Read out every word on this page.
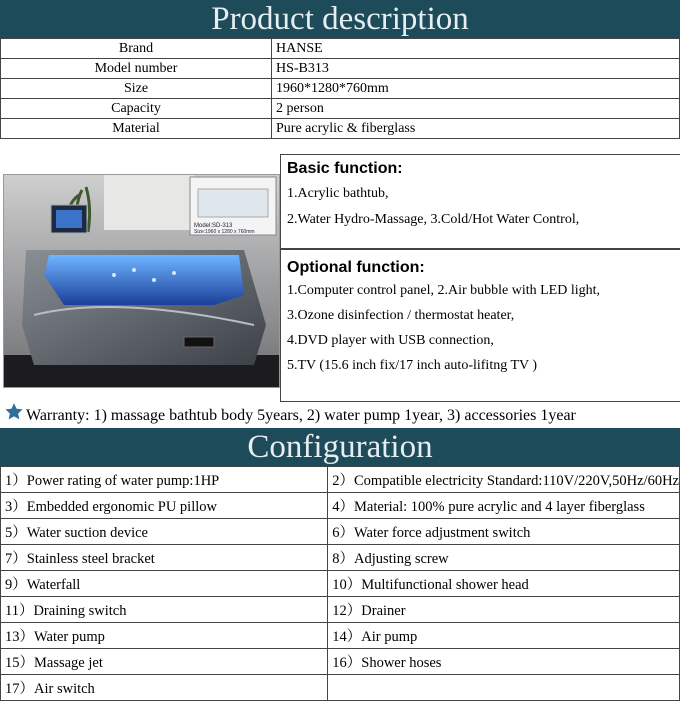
Product description
Brand	HANSE
Model number	HS-B313
Size	1960*1280*760mm
Capacity	2 person
Material	Pure acrylic & fiberglass
Model:SD-313
Size:1960 x 1280 x 760mm
Basic function:
1.Acrylic bathtub,
2.Water Hydro-Massage, 3.Cold/Hot Water Control,
Optional function:
1.Computer control panel, 2.Air bubble with LED light,
3.Ozone disinfection / thermostat heater,
4.DVD player with USB connection,
5.TV (15.6 inch fix/17 inch auto-lifitng TV )
Warranty: 1) massage bathtub body 5years, 2) water pump 1year, 3) accessories 1year
Configuration
1）Power rating of water pump:1HP	2）Compatible electricity Standard:110V/220V,50Hz/60Hz
3）Embedded ergonomic PU pillow	4）Material: 100% pure acrylic and 4 layer fiberglass
5）Water suction device	6）Water force adjustment switch
7）Stainless steel bracket	8）Adjusting screw
9）Waterfall	10）Multifunctional shower head
11）Draining switch	12）Drainer
13）Water pump	14）Air pump
15）Massage jet	16）Shower hoses
17）Air switch	
